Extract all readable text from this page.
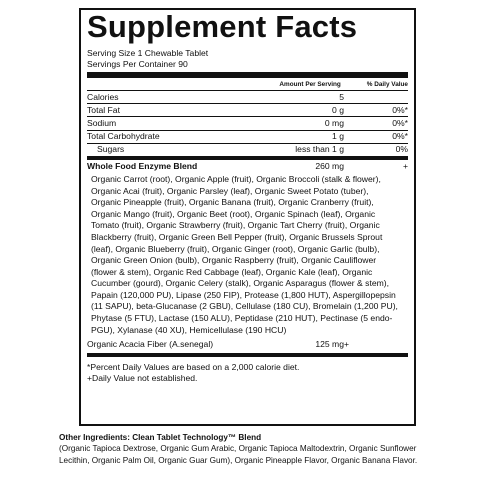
Supplement Facts
Serving Size 1 Chewable Tablet
Servings Per Container 90
Amount Per Serving	% Daily Value
Calories	5
Total Fat	0 g	0%*
Sodium	0 mg	0%*
Total Carbohydrate	1 g	0%*
Sugars	less than 1 g	0%
Whole Food Enzyme Blend	260 mg	+
Organic Carrot (root), Organic Apple (fruit), Organic Broccoli (stalk & flower), Organic Acai (fruit), Organic Parsley (leaf), Organic Sweet Potato (tuber), Organic Pineapple (fruit), Organic Banana (fruit), Organic Cranberry (fruit), Organic Mango (fruit), Organic Beet (root), Organic Spinach (leaf), Organic Tomato (fruit), Organic Strawberry (fruit), Organic Tart Cherry (fruit), Organic Blackberry (fruit), Organic Green Bell Pepper (fruit), Organic Brussels Sprout (leaf), Organic Blueberry (fruit), Organic Ginger (root), Organic Garlic (bulb), Organic Green Onion (bulb), Organic Raspberry (fruit), Organic Cauliflower (flower & stem), Organic Red Cabbage (leaf), Organic Kale (leaf), Organic Cucumber (gourd), Organic Celery (stalk), Organic Asparagus (flower & stem), Papain (120,000 PU), Lipase (250 FIP), Protease (1,800 HUT), Aspergillopepsin (11 SAPU), beta-Glucanase (2 GBU), Cellulase (180 CU), Bromelain (1,200 PU), Phytase (5 FTU), Lactase (150 ALU), Peptidase (210 HUT), Pectinase (5 endo-PGU), Xylanase (40 XU), Hemicellulase (190 HCU)
Organic Acacia Fiber (A.senegal)	125 mg +
*Percent Daily Values are based on a 2,000 calorie diet.
+Daily Value not established.
Other Ingredients: Clean Tablet Technology™ Blend
(Organic Tapioca Dextrose, Organic Gum Arabic, Organic Tapioca Maltodextrin, Organic Sunflower Lecithin, Organic Palm Oil, Organic Guar Gum), Organic Pineapple Flavor, Organic Banana Flavor.
